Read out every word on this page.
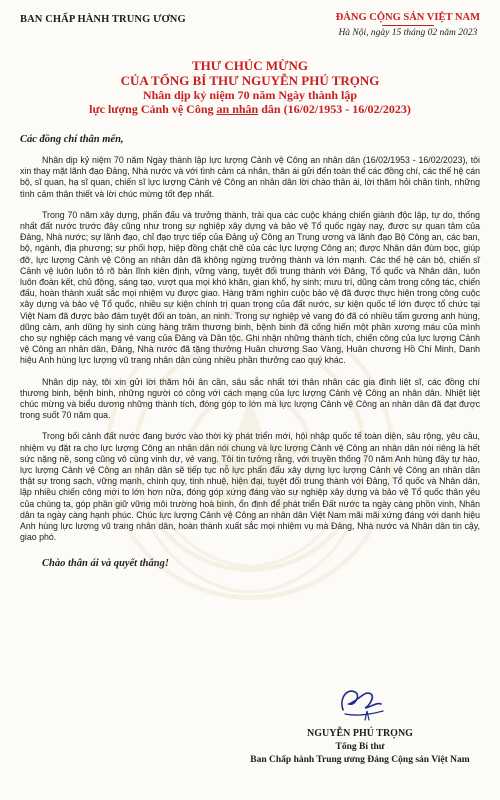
BAN CHẤP HÀNH TRUNG ƯƠNG	ĐẢNG CỘNG SẢN VIỆT NAM
Hà Nội, ngày 15 tháng 02 năm 2023
THƯ CHÚC MỪNG
CỦA TỔNG BÍ THƯ NGUYỄN PHÚ TRỌNG
Nhân dịp kỷ niệm 70 năm Ngày thành lập
lực lượng Cảnh vệ Công an nhân dân (16/02/1953 - 16/02/2023)
Các đồng chí thân mến,

Nhân dịp kỷ niệm 70 năm Ngày thành lập lực lượng Cảnh vệ Công an nhân dân (16/02/1953 - 16/02/2023), tôi xin thay mặt lãnh đạo Đảng, Nhà nước và với tình cảm cá nhân, thân ái gửi đến toàn thể các đồng chí, các thế hệ cán bộ, sĩ quan, hạ sĩ quan, chiến sĩ lực lượng Cảnh vệ Công an nhân dân lời chào thân ái, lời thăm hỏi chân tình, những tình cảm thân thiết và lời chúc mừng tốt đẹp nhất.

Trong 70 năm xây dựng, phấn đấu và trưởng thành, trải qua các cuộc kháng chiến giành độc lập, tự do, thống nhất đất nước trước đây cũng như trong sự nghiệp xây dựng và bảo vệ Tổ quốc ngày nay, được sự quan tâm của Đảng, Nhà nước; sự lãnh đạo, chỉ đạo trực tiếp của Đảng uỷ Công an Trung ương và lãnh đạo Bộ Công an, các ban, bộ, ngành, địa phương; sự phối hợp, hiệp đồng chặt chẽ của các lực lượng Công an; được Nhân dân đùm bọc, giúp đỡ, lực lượng Cảnh vệ Công an nhân dân đã không ngừng trưởng thành và lớn mạnh. Các thế hệ cán bộ, chiến sĩ Cảnh vệ luôn luôn tỏ rõ bản lĩnh kiên định, vững vàng, tuyệt đối trung thành với Đảng, Tổ quốc và Nhân dân, luôn luôn đoàn kết, chủ động, sáng tạo, vượt qua mọi khó khăn, gian khổ, hy sinh; mưu trí, dũng cảm trong công tác, chiến đấu, hoàn thành xuất sắc mọi nhiệm vụ được giao. Hàng trăm nghìn cuộc bảo vệ đã được thực hiện trong công cuộc xây dựng và bảo vệ Tổ quốc, nhiều sự kiện chính trị quan trọng của đất nước, sự kiện quốc tế lớn được tổ chức tại Việt Nam đã được bảo đảm tuyệt đối an toàn, an ninh. Trong sự nghiệp vẻ vang đó đã có nhiều tấm gương anh hùng, dũng cảm, anh dũng hy sinh cùng hàng trăm thương binh, bệnh binh đã cống hiến một phần xương máu của mình cho sự nghiệp cách mạng vẻ vang của Đảng và Dân tộc. Ghi nhận những thành tích, chiến công của lực lượng Cảnh vệ Công an nhân dân, Đảng, Nhà nước đã tặng thưởng Huân chương Sao Vàng, Huân chương Hồ Chí Minh, Danh hiệu Anh hùng lực lượng vũ trang nhân dân cùng nhiều phần thưởng cao quý khác.

Nhân dịp này, tôi xin gửi lời thăm hỏi ân cần, sâu sắc nhất tới thân nhân các gia đình liệt sĩ, các đồng chí thương binh, bệnh binh, những người có công với cách mạng của lực lượng Cảnh vệ Công an nhân dân. Nhiệt liệt chúc mừng và biểu dương những thành tích, đóng góp to lớn mà lực lượng Cảnh vệ Công an nhân dân đã đạt được trong suốt 70 năm qua.

Trong bối cảnh đất nước đang bước vào thời kỳ phát triển mới, hội nhập quốc tế toàn diện, sâu rộng, yêu cầu, nhiệm vụ đặt ra cho lực lượng Công an nhân dân nói chung và lực lượng Cảnh vệ Công an nhân dân nói riêng là hết sức nặng nề, song cũng vô cùng vinh dự, vẻ vang. Tôi tin tưởng rằng, với truyền thống 70 năm Anh hùng đầy tự hào, lực lượng Cảnh vệ Công an nhân dân sẽ tiếp tục nỗ lực phấn đấu xây dựng lực lượng Cảnh vệ Công an nhân dân thật sự trong sạch, vững mạnh, chính quy, tinh nhuệ, hiện đại, tuyệt đối trung thành với Đảng, Tổ quốc và Nhân dân, lập nhiều chiến công mới to lớn hơn nữa, đóng góp xứng đáng vào sự nghiệp xây dựng và bảo vệ Tổ quốc thân yêu của chúng ta, góp phần giữ vững môi trường hoà bình, ổn định để phát triển Đất nước ta ngày càng phồn vinh, Nhân dân ta ngày càng hạnh phúc. Chúc lực lượng Cảnh vệ Công an nhân dân Việt Nam mãi mãi xứng đáng với danh hiệu Anh hùng lực lượng vũ trang nhân dân, hoàn thành xuất sắc mọi nhiệm vụ mà Đảng, Nhà nước và Nhân dân tin cậy, giao phó.

Chào thân ái và quyết thắng!
NGUYỄN PHÚ TRỌNG
Tổng Bí thư
Ban Chấp hành Trung ương Đảng Cộng sản Việt Nam
